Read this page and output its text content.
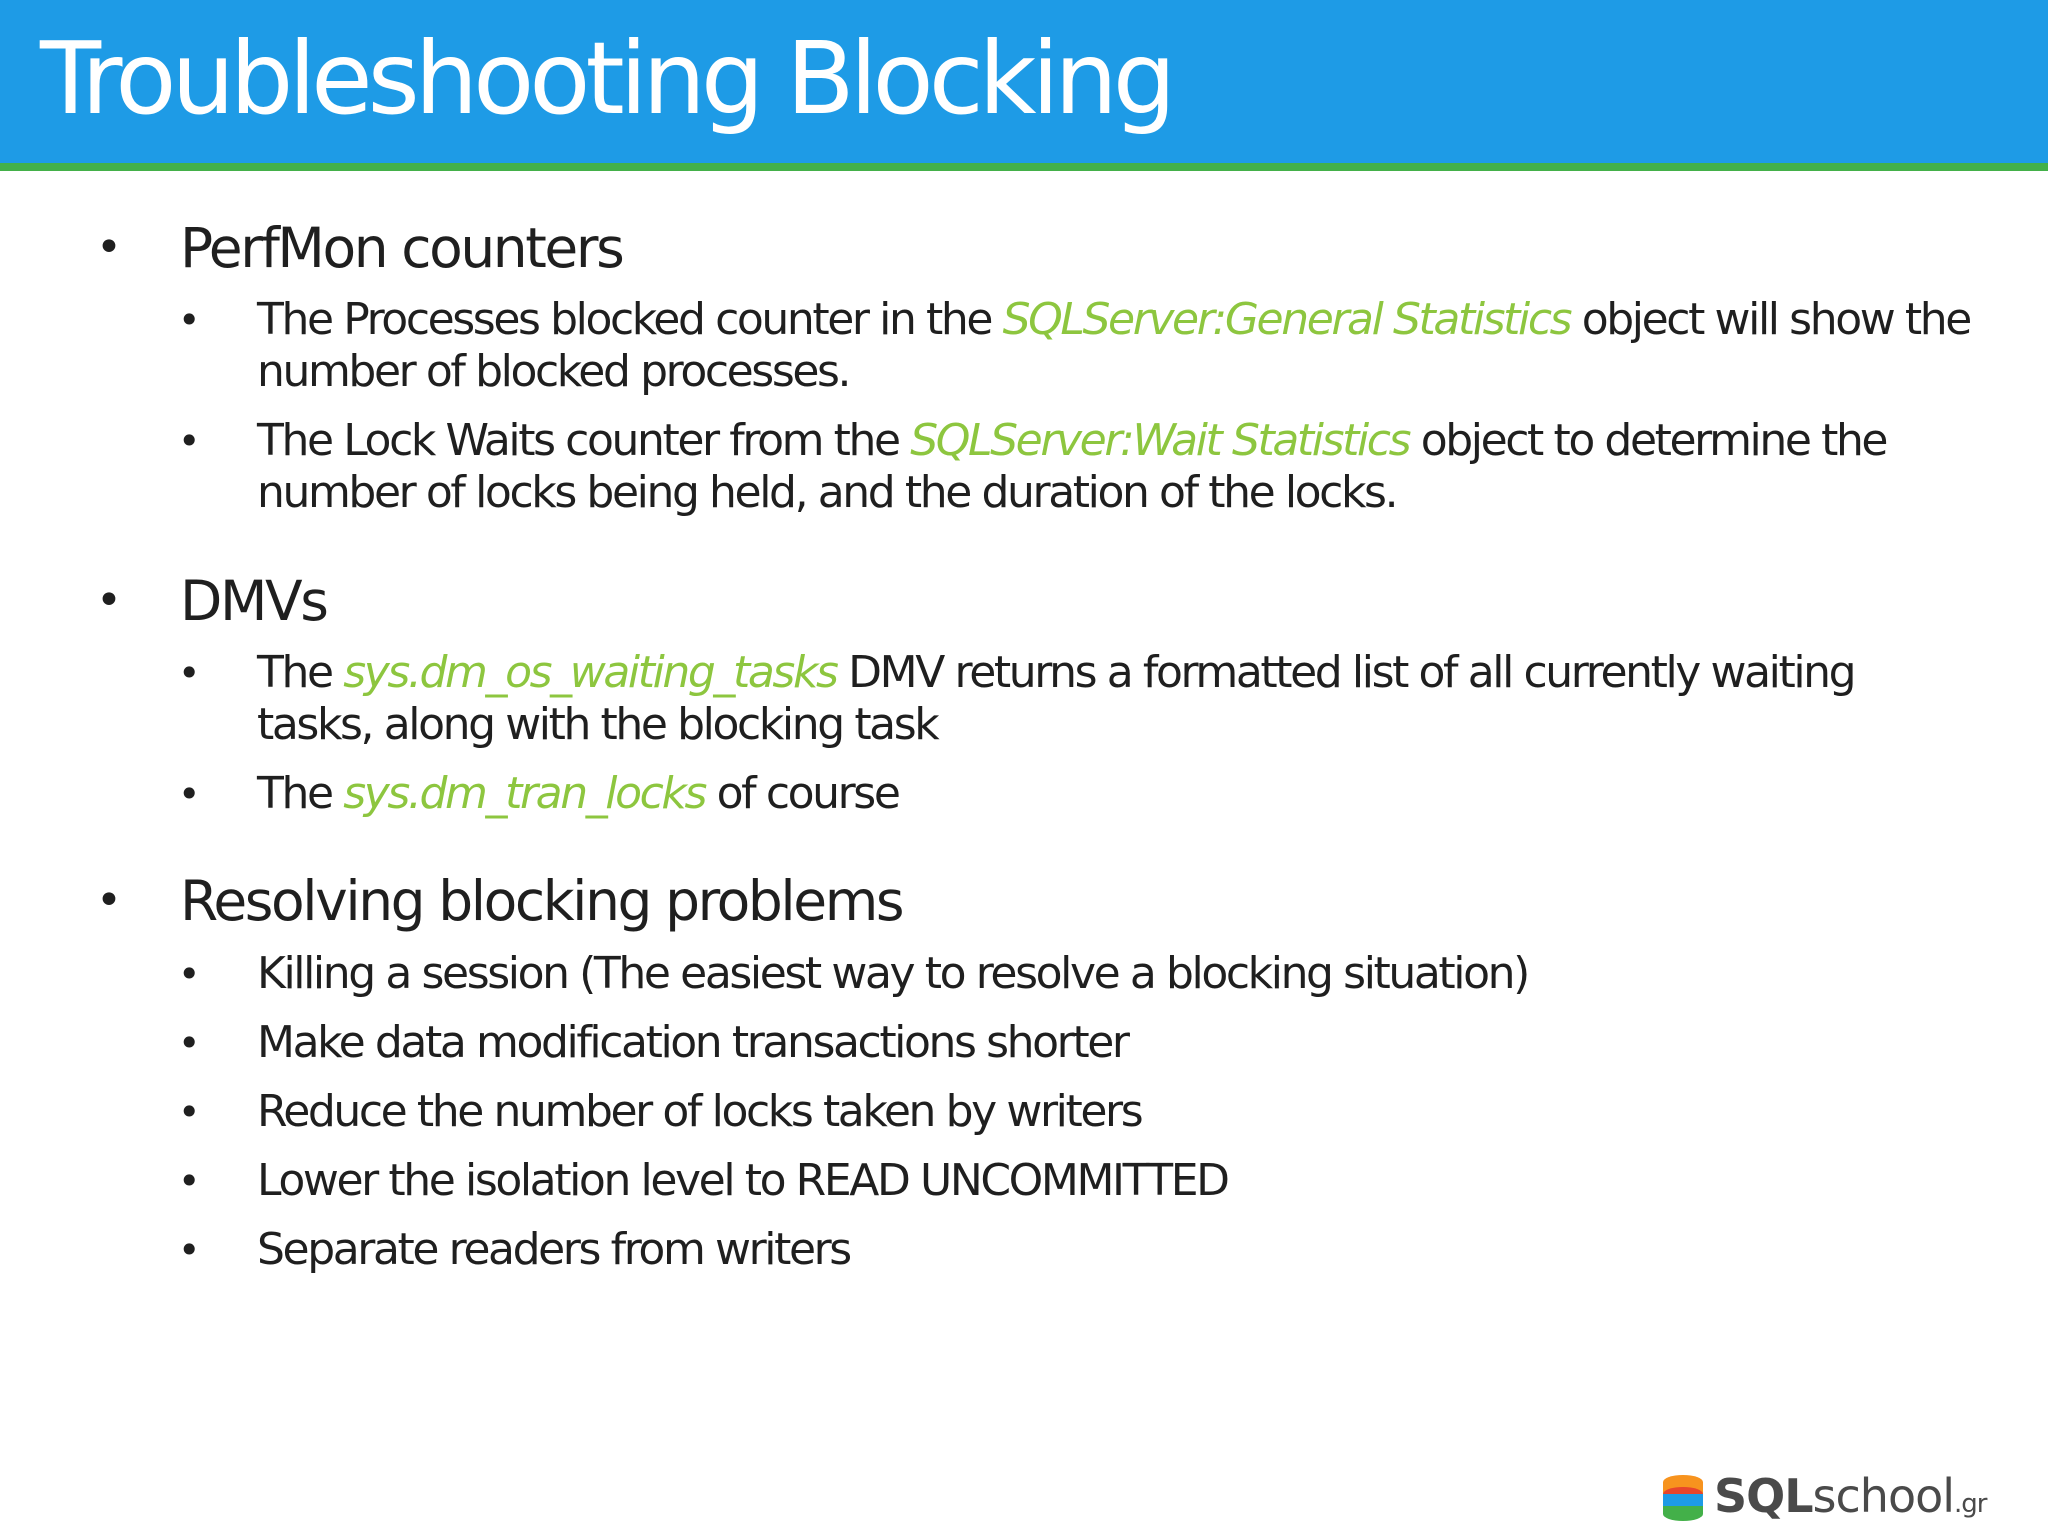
Troubleshooting Blocking
• PerfMon counters
• The Processes blocked counter in the SQLServer:General Statistics object will show the number of blocked processes.
• The Lock Waits counter from the SQLServer:Wait Statistics object to determine the number of locks being held, and the duration of the locks.
• DMVs
• The sys.dm_os_waiting_tasks DMV returns a formatted list of all currently waiting tasks, along with the blocking task
• The sys.dm_tran_locks of course
• Resolving blocking problems
• Killing a session (The easiest way to resolve a blocking situation)
• Make data modification transactions shorter
• Reduce the number of locks taken by writers
• Lower the isolation level to READ UNCOMMITTED
• Separate readers from writers
SQLschool.gr
